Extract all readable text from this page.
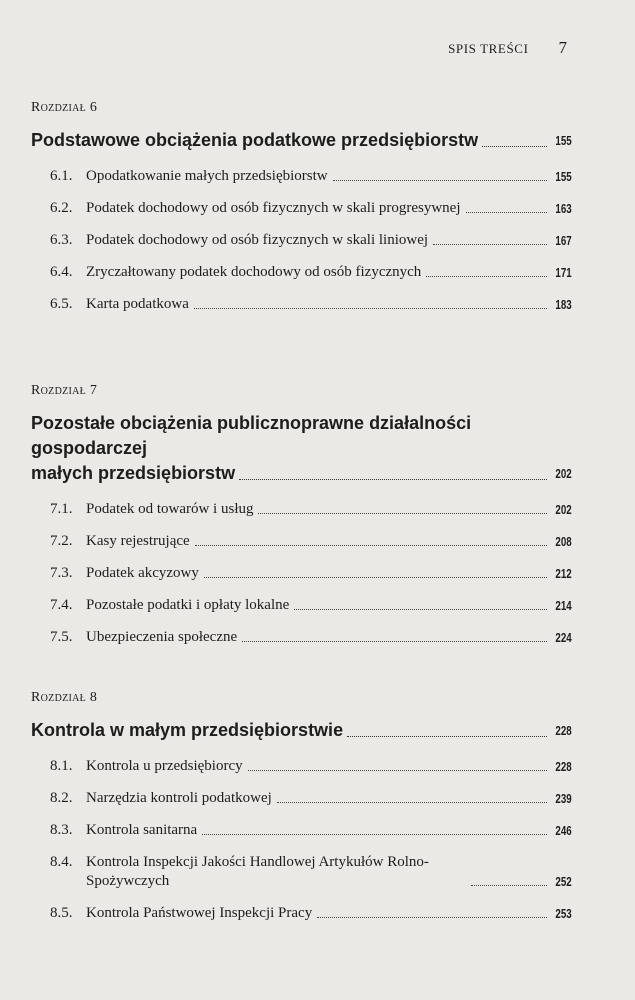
SPIS TREŚCI 7
Rozdział 6
Podstawowe obciążenia podatkowe przedsiębiorstw	155
6.1. Opodatkowanie małych przedsiębiorstw	155
6.2. Podatek dochodowy od osób fizycznych w skali progresywnej	163
6.3. Podatek dochodowy od osób fizycznych w skali liniowej	167
6.4. Zryczałtowany podatek dochodowy od osób fizycznych	171
6.5. Karta podatkowa	183
Rozdział 7
Pozostałe obciążenia publicznoprawne działalności gospodarczej
małych przedsiębiorstw	202
7.1. Podatek od towarów i usług	202
7.2. Kasy rejestrujące	208
7.3. Podatek akcyzowy	212
7.4. Pozostałe podatki i opłaty lokalne	214
7.5. Ubezpieczenia społeczne	224
Rozdział 8
Kontrola w małym przedsiębiorstwie	228
8.1. Kontrola u przedsiębiorcy	228
8.2. Narzędzia kontroli podatkowej	239
8.3. Kontrola sanitarna	246
8.4. Kontrola Inspekcji Jakości Handlowej Artykułów Rolno-Spożywczych	252
8.5. Kontrola Państwowej Inspekcji Pracy	253
